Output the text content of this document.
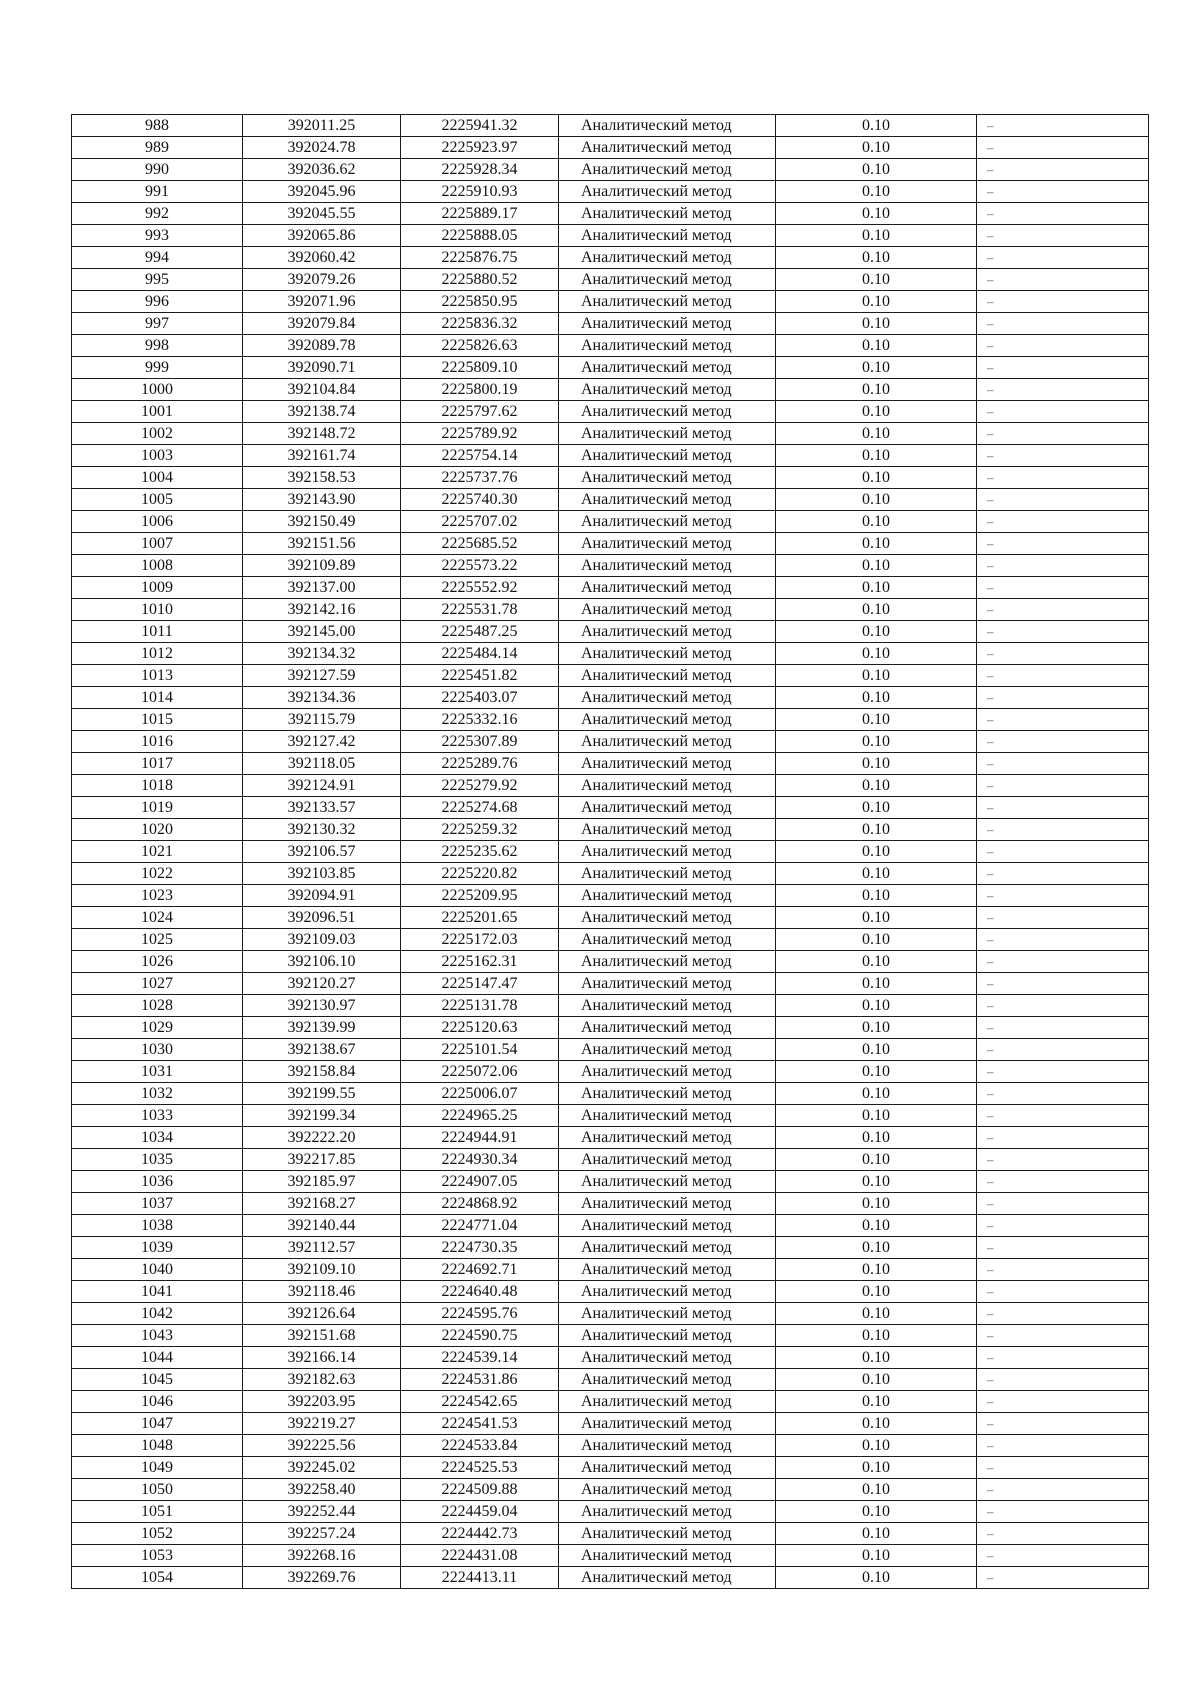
988	392011.25	2225941.32	Аналитический метод	0.10	–
989	392024.78	2225923.97	Аналитический метод	0.10	–
990	392036.62	2225928.34	Аналитический метод	0.10	–
991	392045.96	2225910.93	Аналитический метод	0.10	–
992	392045.55	2225889.17	Аналитический метод	0.10	–
993	392065.86	2225888.05	Аналитический метод	0.10	–
994	392060.42	2225876.75	Аналитический метод	0.10	–
995	392079.26	2225880.52	Аналитический метод	0.10	–
996	392071.96	2225850.95	Аналитический метод	0.10	–
997	392079.84	2225836.32	Аналитический метод	0.10	–
998	392089.78	2225826.63	Аналитический метод	0.10	–
999	392090.71	2225809.10	Аналитический метод	0.10	–
1000	392104.84	2225800.19	Аналитический метод	0.10	–
1001	392138.74	2225797.62	Аналитический метод	0.10	–
1002	392148.72	2225789.92	Аналитический метод	0.10	–
1003	392161.74	2225754.14	Аналитический метод	0.10	–
1004	392158.53	2225737.76	Аналитический метод	0.10	–
1005	392143.90	2225740.30	Аналитический метод	0.10	–
1006	392150.49	2225707.02	Аналитический метод	0.10	–
1007	392151.56	2225685.52	Аналитический метод	0.10	–
1008	392109.89	2225573.22	Аналитический метод	0.10	–
1009	392137.00	2225552.92	Аналитический метод	0.10	–
1010	392142.16	2225531.78	Аналитический метод	0.10	–
1011	392145.00	2225487.25	Аналитический метод	0.10	–
1012	392134.32	2225484.14	Аналитический метод	0.10	–
1013	392127.59	2225451.82	Аналитический метод	0.10	–
1014	392134.36	2225403.07	Аналитический метод	0.10	–
1015	392115.79	2225332.16	Аналитический метод	0.10	–
1016	392127.42	2225307.89	Аналитический метод	0.10	–
1017	392118.05	2225289.76	Аналитический метод	0.10	–
1018	392124.91	2225279.92	Аналитический метод	0.10	–
1019	392133.57	2225274.68	Аналитический метод	0.10	–
1020	392130.32	2225259.32	Аналитический метод	0.10	–
1021	392106.57	2225235.62	Аналитический метод	0.10	–
1022	392103.85	2225220.82	Аналитический метод	0.10	–
1023	392094.91	2225209.95	Аналитический метод	0.10	–
1024	392096.51	2225201.65	Аналитический метод	0.10	–
1025	392109.03	2225172.03	Аналитический метод	0.10	–
1026	392106.10	2225162.31	Аналитический метод	0.10	–
1027	392120.27	2225147.47	Аналитический метод	0.10	–
1028	392130.97	2225131.78	Аналитический метод	0.10	–
1029	392139.99	2225120.63	Аналитический метод	0.10	–
1030	392138.67	2225101.54	Аналитический метод	0.10	–
1031	392158.84	2225072.06	Аналитический метод	0.10	–
1032	392199.55	2225006.07	Аналитический метод	0.10	–
1033	392199.34	2224965.25	Аналитический метод	0.10	–
1034	392222.20	2224944.91	Аналитический метод	0.10	–
1035	392217.85	2224930.34	Аналитический метод	0.10	–
1036	392185.97	2224907.05	Аналитический метод	0.10	–
1037	392168.27	2224868.92	Аналитический метод	0.10	–
1038	392140.44	2224771.04	Аналитический метод	0.10	–
1039	392112.57	2224730.35	Аналитический метод	0.10	–
1040	392109.10	2224692.71	Аналитический метод	0.10	–
1041	392118.46	2224640.48	Аналитический метод	0.10	–
1042	392126.64	2224595.76	Аналитический метод	0.10	–
1043	392151.68	2224590.75	Аналитический метод	0.10	–
1044	392166.14	2224539.14	Аналитический метод	0.10	–
1045	392182.63	2224531.86	Аналитический метод	0.10	–
1046	392203.95	2224542.65	Аналитический метод	0.10	–
1047	392219.27	2224541.53	Аналитический метод	0.10	–
1048	392225.56	2224533.84	Аналитический метод	0.10	–
1049	392245.02	2224525.53	Аналитический метод	0.10	–
1050	392258.40	2224509.88	Аналитический метод	0.10	–
1051	392252.44	2224459.04	Аналитический метод	0.10	–
1052	392257.24	2224442.73	Аналитический метод	0.10	–
1053	392268.16	2224431.08	Аналитический метод	0.10	–
1054	392269.76	2224413.11	Аналитический метод	0.10	–
